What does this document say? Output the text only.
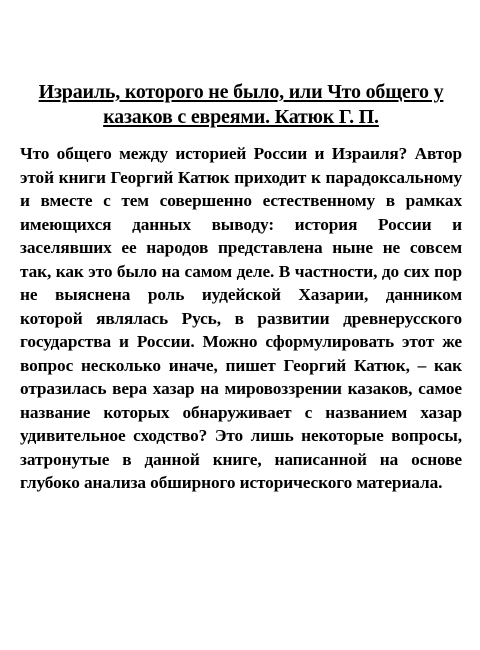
Израиль, которого не было, или Что общего у казаков с евреями. Катюк Г. П.

Что общего между историей России и Израиля? Автор этой книги Георгий Катюк приходит к парадоксальному и вместе с тем совершенно естественному в рамках имеющихся данных выводу: история России и заселявших ее народов представлена ныне не совсем так, как это было на самом деле. В частности, до сих пор не выяснена роль иудейской Хазарии, данником которой являлась Русь, в развитии древнерусского государства и России. Можно сформулировать этот же вопрос несколько иначе, пишет Георгий Катюк, – как отразилась вера хазар на мировоззрении казаков, самое название которых обнаруживает с названием хазар удивительное сходство? Это лишь некоторые вопросы, затронутые в данной книге, написанной на основе глубоко анализа обширного исторического материала.
